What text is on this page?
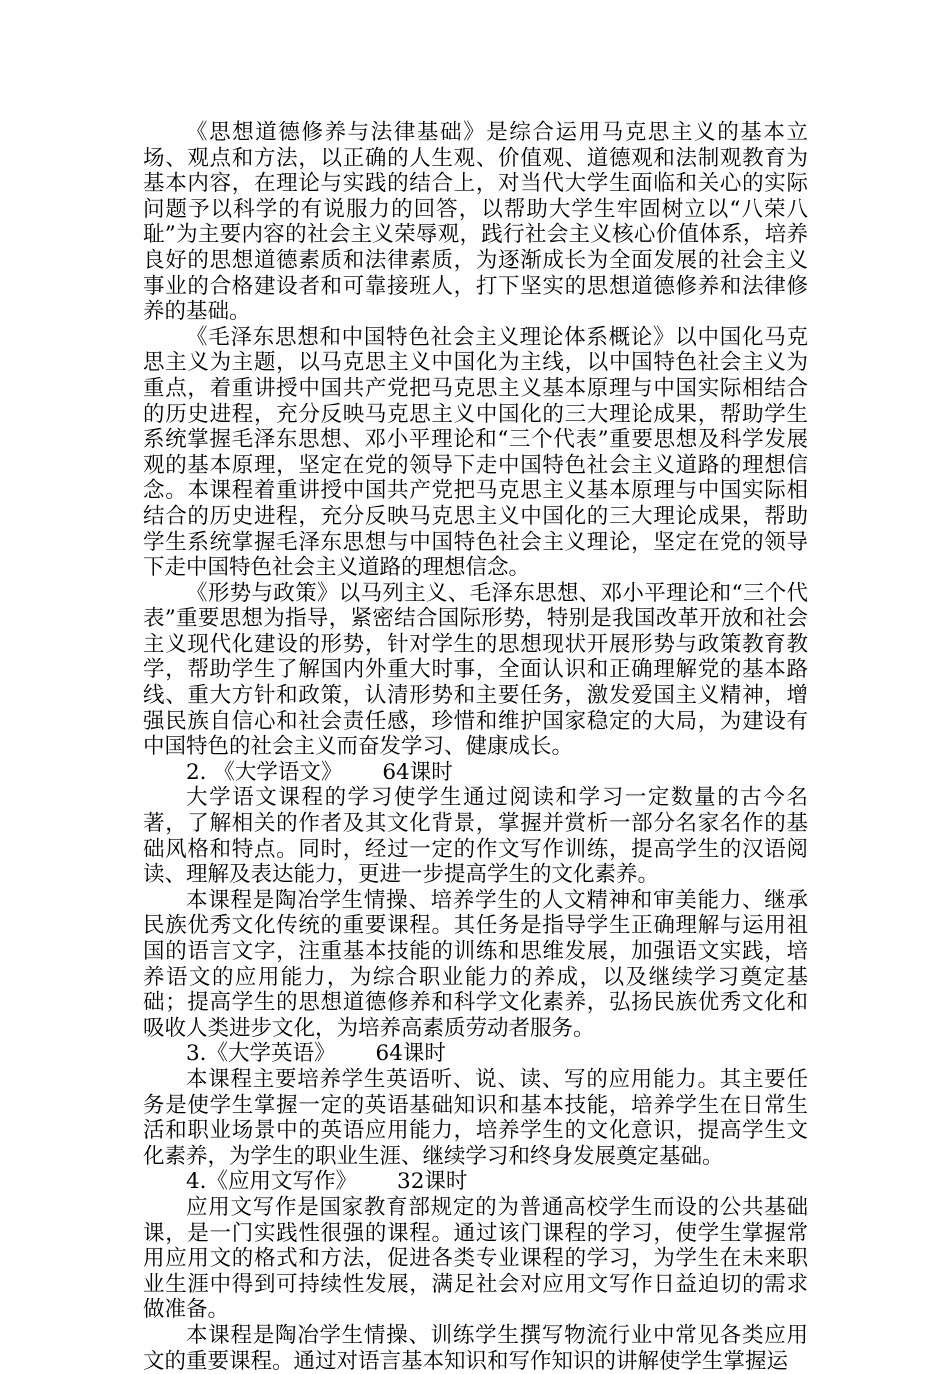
《思想道德修养与法律基础》是综合运用马克思主义的基本立场、观点和方法，以正确的人生观、价值观、道德观和法制观教育为基本内容，在理论与实践的结合上，对当代大学生面临和关心的实际问题予以科学的有说服力的回答，以帮助大学生牢固树立以“八荣八耻”为主要内容的社会主义荣辱观，践行社会主义核心价值体系，培养良好的思想道德素质和法律素质，为逐渐成长为全面发展的社会主义事业的合格建设者和可靠接班人，打下坚实的思想道德修养和法律修养的基础。

《毛泽东思想和中国特色社会主义理论体系概论》以中国化马克思主义为主题，以马克思主义中国化为主线，以中国特色社会主义为重点，着重讲授中国共产党把马克思主义基本原理与中国实际相结合的历史进程，充分反映马克思主义中国化的三大理论成果，帮助学生系统掌握毛泽东思想、邓小平理论和“三个代表”重要思想及科学发展观的基本原理，坚定在党的领导下走中国特色社会主义道路的理想信念。本课程着重讲授中国共产党把马克思主义基本原理与中国实际相结合的历史进程，充分反映马克思主义中国化的三大理论成果，帮助学生系统掌握毛泽东思想与中国特色社会主义理论，坚定在党的领导下走中国特色社会主义道路的理想信念。

《形势与政策》以马列主义、毛泽东思想、邓小平理论和“三个代表”重要思想为指导，紧密结合国际形势，特别是我国改革开放和社会主义现代化建设的形势，针对学生的思想现状开展形势与政策教育教学，帮助学生了解国内外重大时事，全面认识和正确理解党的基本路线、重大方针和政策，认清形势和主要任务，激发爱国主义精神，增强民族自信心和社会责任感，珍惜和维护国家稳定的大局，为建设有中国特色的社会主义而奋发学习、健康成长。

2. 《大学语文》 64课时

大学语文课程的学习使学生通过阅读和学习一定数量的古今名著，了解相关的作者及其文化背景，掌握并赏析一部分名家名作的基础风格和特点。同时，经过一定的作文写作训练，提高学生的汉语阅读、理解及表达能力，更进一步提高学生的文化素养。

本课程是陶冶学生情操、培养学生的人文精神和审美能力、继承民族优秀文化传统的重要课程。其任务是指导学生正确理解与运用祖国的语言文字，注重基本技能的训练和思维发展，加强语文实践，培养语文的应用能力，为综合职业能力的养成，以及继续学习奠定基础；提高学生的思想道德修养和科学文化素养，弘扬民族优秀文化和吸收人类进步文化，为培养高素质劳动者服务。

3.《大学英语》 64课时

本课程主要培养学生英语听、说、读、写的应用能力。其主要任务是使学生掌握一定的英语基础知识和基本技能，培养学生在日常生活和职业场景中的英语应用能力，培养学生的文化意识，提高学生文化素养，为学生的职业生涯、继续学习和终身发展奠定基础。

4.《应用文写作》 32课时

应用文写作是国家教育部规定的为普通高校学生而设的公共基础课，是一门实践性很强的课程。通过该门课程的学习，使学生掌握常用应用文的格式和方法，促进各类专业课程的学习，为学生在未来职业生涯中得到可持续性发展，满足社会对应用文写作日益迫切的需求做准备。

本课程是陶冶学生情操、训练学生撰写物流行业中常见各类应用文的重要课程。通过对语言基本知识和写作知识的讲解使学生掌握运
